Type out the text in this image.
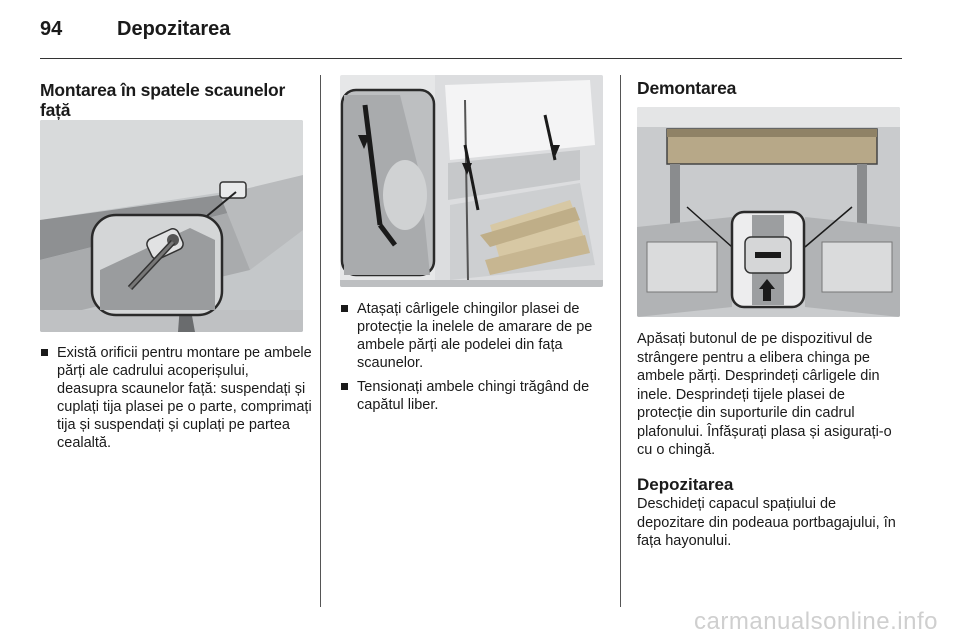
94	Depozitarea
Montarea în spatele scaunelor față
Există orificii pentru montare pe ambele părți ale cadrului acoperișului, deasupra scaunelor față: suspendați și cuplați tija plasei pe o parte, comprimați tija și suspendați și cuplați pe partea cealaltă.
Atașați cârligele chingilor plasei de protecție la inelele de amarare de pe ambele părți ale podelei din fața scaunelor.
Tensionați ambele chingi trăgând de capătul liber.
Demontarea

Apăsați butonul de pe dispozitivul de strângere pentru a elibera chinga pe ambele părți. Desprindeți cârligele din inele. Desprindeți tijele plasei de protecție din suporturile din cadrul plafonului. Înfășurați plasa și asigurați-o cu o chingă.

Depozitarea

Deschideți capacul spațiului de depozitare din podeaua portbagajului, în fața hayonului.

carmanualsonline.info
